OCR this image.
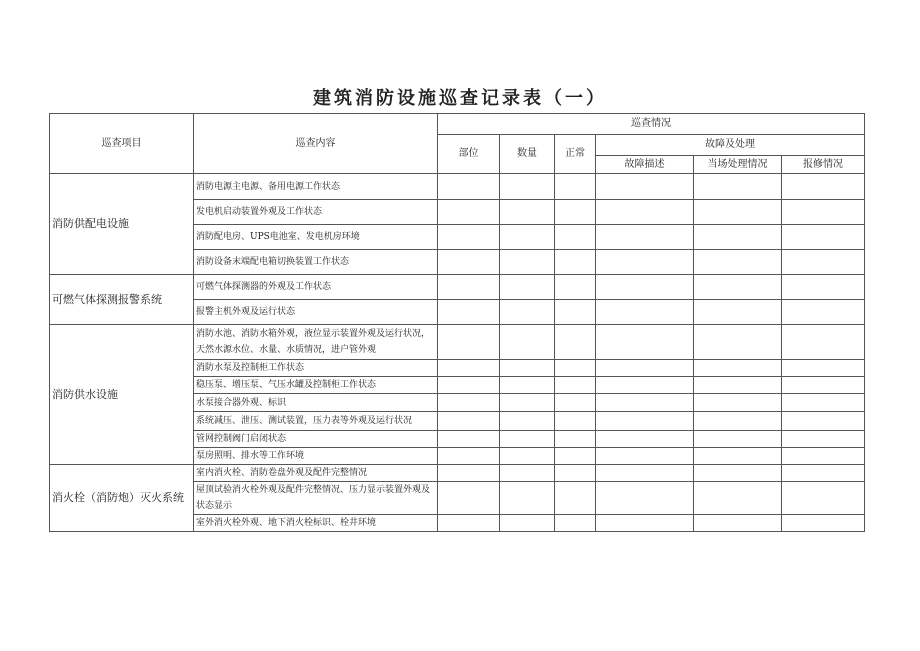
建筑消防设施巡查记录表（一）
巡查项目	巡查内容	巡查情况					
		部位	数量	正常	故障及处理		
					故障描述	当场处理情况	报修情况
消防供配电设施	消防电源主电源、备用电源工作状态						
	发电机启动装置外观及工作状态						
	消防配电房、UPS电池室、发电机房环境						
	消防设备末端配电箱切换装置工作状态						
可燃气体探测报警系统	可燃气体探测器的外观及工作状态						
	报警主机外观及运行状态						
消防供水设施	消防水池、消防水箱外观，液位显示装置外观及运行状况，天然水源水位、水量、水质情况，进户管外观						
	消防水泵及控制柜工作状态						
	稳压泵、增压泵、气压水罐及控制柜工作状态						
	水泵接合器外观、标识						
	系统减压、泄压、测试装置，压力表等外观及运行状况						
	管网控制阀门启闭状态						
	泵房照明、排水等工作环境						
消火栓（消防炮）灭火系统	室内消火栓、消防卷盘外观及配件完整情况						
	屋顶试验消火栓外观及配件完整情况、压力显示装置外观及状态显示						
	室外消火栓外观、地下消火栓标识、栓井环境						
